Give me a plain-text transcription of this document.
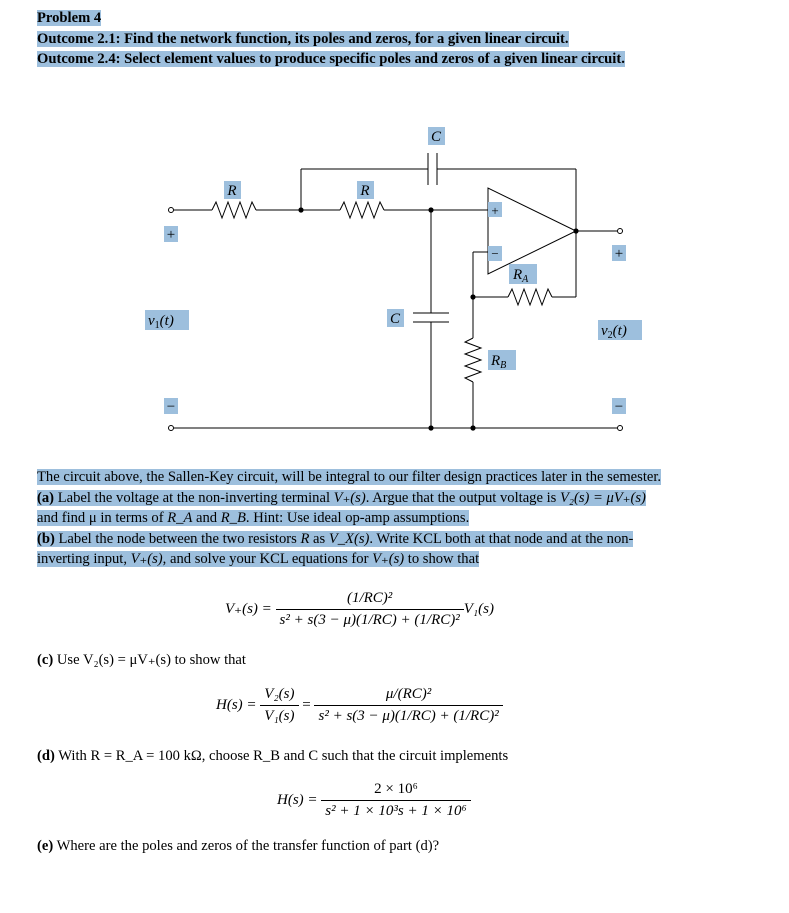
Problem 4
Outcome 2.1: Find the network function, its poles and zeros, for a given linear circuit.
Outcome 2.4: Select element values to produce specific poles and zeros of a given linear circuit.
+
−
R	R
C
C
+
−
$R_A$
$R_B$
$v_1(t)$
$v_2(t)$
+
−
The circuit above, the Sallen-Key circuit, will be integral to our filter design practices later in the semester.
(a) Label the voltage at the non-inverting terminal V₊(s). Argue that the output voltage is V₂(s) = μV₊(s)
and find μ in terms of R_A and R_B. Hint: Use ideal op-amp assumptions.
(b) Label the node between the two resistors R as V_X(s). Write KCL both at that node and at the non-
inverting input, V₊(s), and solve your KCL equations for V₊(s) to show that
$V_+(s) = \frac{\text{(1/RC)²}}{\text{s² + s(3 − μ)(1/RC) + (1/RC)²}} V_1(s)$
(c) Use V₂(s) = μV₊(s) to show that
$H(s) = \frac{\text{V₂(s)}}{\text{V₁(s)}} = \frac{\text{μ/(RC)²}}{\text{s² + s(3 − μ)(1/RC) + (1/RC)²}}$
(d) With R = R_A = 100 kΩ, choose R_B and C such that the circuit implements
$H(s) = \frac{\text{2 × 10⁶}}{\text{s² + 1 × 10³s + 1 × 10⁶}}$
(e) Where are the poles and zeros of the transfer function of part (d)?
